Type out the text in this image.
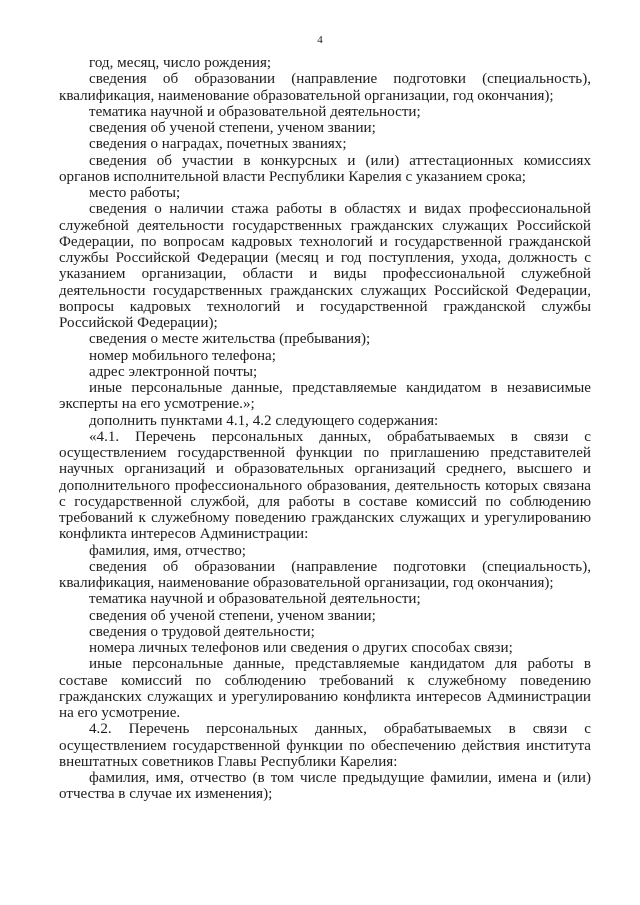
4

год, месяц, число рождения;

сведения об образовании (направление подготовки (специальность), квалификация, наименование образовательной организации, год окончания);

тематика научной и образовательной деятельности;

сведения об ученой степени, ученом звании;

сведения о наградах, почетных званиях;

сведения об участии в конкурсных и (или) аттестационных комиссиях органов исполнительной власти Республики Карелия с указанием срока;

место работы;

сведения о наличии стажа работы в областях и видах профессиональной служебной деятельности государственных гражданских служащих Российской Федерации, по вопросам кадровых технологий и государственной гражданской службы Российской Федерации (месяц и год поступления, ухода, должность с указанием организации, области и виды профессиональной служебной деятельности государственных гражданских служащих Российской Федерации, вопросы кадровых технологий и государственной гражданской службы Российской Федерации);

сведения о месте жительства (пребывания);

номер мобильного телефона;

адрес электронной почты;

иные персональные данные, представляемые кандидатом в независимые эксперты на его усмотрение.»;

дополнить пунктами 4.1, 4.2 следующего содержания:

«4.1. Перечень персональных данных, обрабатываемых в связи с осуществлением государственной функции по приглашению представителей научных организаций и образовательных организаций среднего, высшего и дополнительного профессионального образования, деятельность которых связана с государственной службой, для работы в составе комиссий по соблюдению требований к служебному поведению гражданских служащих и урегулированию конфликта интересов Администрации:

фамилия, имя, отчество;

сведения об образовании (направление подготовки (специальность), квалификация, наименование образовательной организации, год окончания);

тематика научной и образовательной деятельности;

сведения об ученой степени, ученом звании;

сведения о трудовой деятельности;

номера личных телефонов или сведения о других способах связи;

иные персональные данные, представляемые кандидатом для работы в составе комиссий по соблюдению требований к служебному поведению гражданских служащих и урегулированию конфликта интересов Администрации на его усмотрение.

4.2. Перечень персональных данных, обрабатываемых в связи с осуществлением государственной функции по обеспечению действия института внештатных советников Главы Республики Карелия:

фамилия, имя, отчество (в том числе предыдущие фамилии, имена и (или) отчества в случае их изменения);
